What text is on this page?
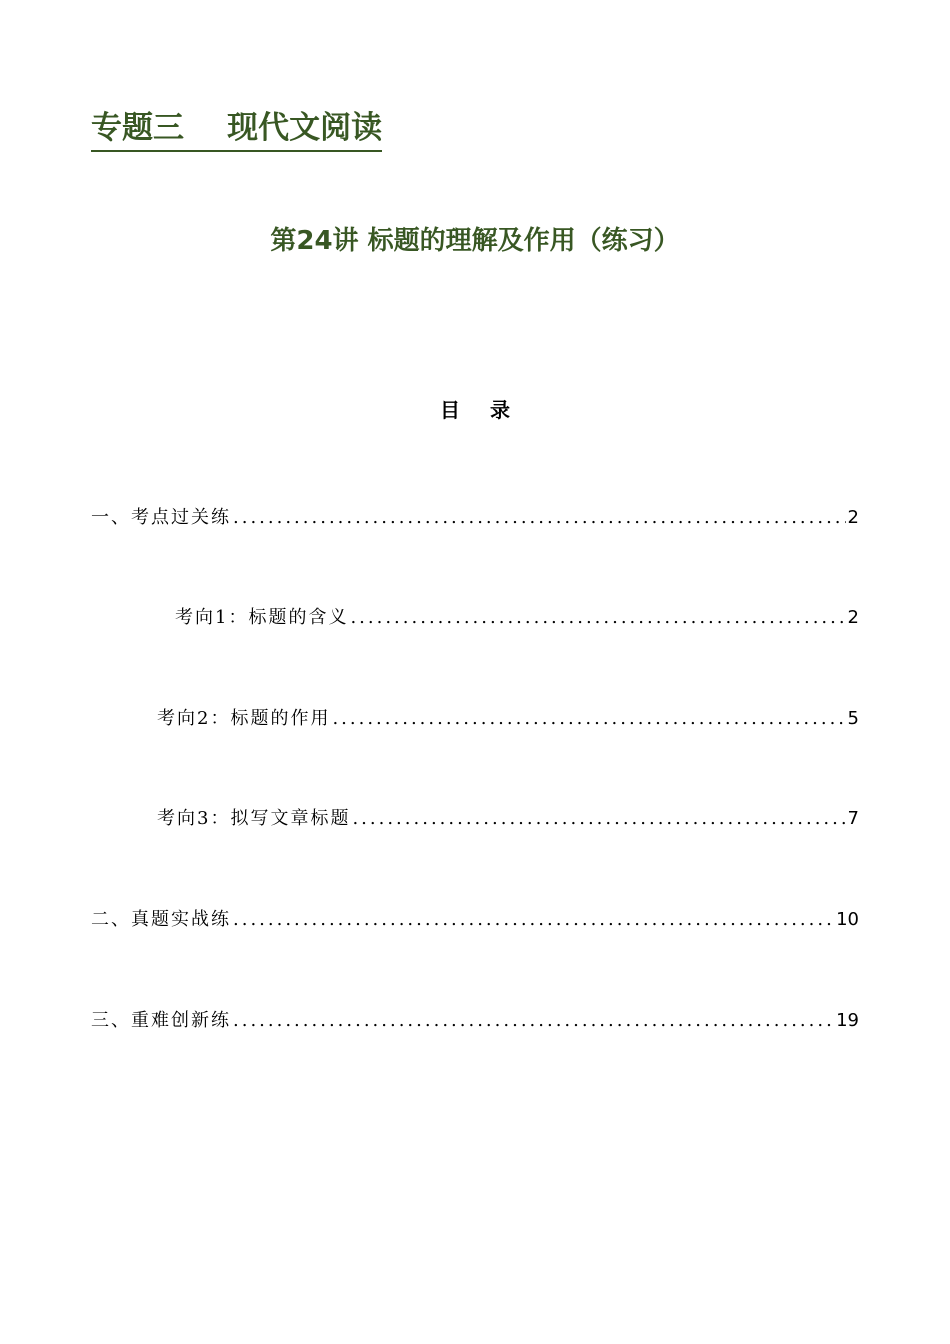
专题三    现代文阅读
第24讲 标题的理解及作用（练习）
目录
一、考点过关练 .....	2
考向1：标题的含义 .....	2
考向2：标题的作用 .....	5
考向3：拟写文章标题 .....	7
二、真题实战练 .....	10
三、重难创新练 .....	19
